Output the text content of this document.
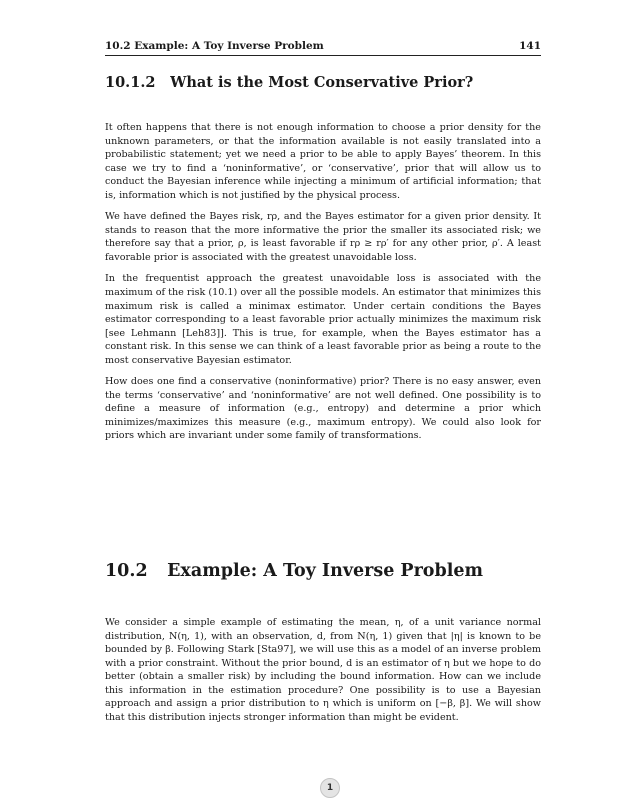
10.2 Example: A Toy Inverse Problem	141
10.1.2 What is the Most Conservative Prior?

It often happens that there is not enough information to choose a prior density for the unknown parameters, or that the information available is not easily translated into a probabilistic statement; yet we need a prior to be able to apply Bayes’ theorem. In this case we try to find a ‘noninformative’, or ‘conservative’, prior that will allow us to conduct the Bayesian inference while injecting a minimum of artificial information; that is, information which is not justified by the physical process.

We have defined the Bayes risk, rρ, and the Bayes estimator for a given prior density. It stands to reason that the more informative the prior the smaller its associated risk; we therefore say that a prior, ρ, is least favorable if rρ ≥ rρ′ for any other prior, ρ′. A least favorable prior is associated with the greatest unavoidable loss.

In the frequentist approach the greatest unavoidable loss is associated with the maximum of the risk (10.1) over all the possible models. An estimator that minimizes this maximum risk is called a minimax estimator. Under certain conditions the Bayes estimator corresponding to a least favorable prior actually minimizes the maximum risk [see Lehmann [Leh83]]. This is true, for example, when the Bayes estimator has a constant risk. In this sense we can think of a least favorable prior as being a route to the most conservative Bayesian estimator.

How does one find a conservative (noninformative) prior? There is no easy answer, even the terms ‘conservative’ and ‘noninformative’ are not well defined. One possibility is to define a measure of information (e.g., entropy) and determine a prior which minimizes/maximizes this measure (e.g., maximum entropy). We could also look for priors which are invariant under some family of transformations.

10.2 Example: A Toy Inverse Problem

We consider a simple example of estimating the mean, η, of a unit variance normal distribution, N(η, 1), with an observation, d, from N(η, 1) given that |η| is known to be bounded by β. Following Stark [Sta97], we will use this as a model of an inverse problem with a prior constraint. Without the prior bound, d is an estimator of η but we hope to do better (obtain a smaller risk) by including the bound information. How can we include this information in the estimation procedure? One possibility is to use a Bayesian approach and assign a prior distribution to η which is uniform on [−β, β]. We will show that this distribution injects stronger information than might be evident.

1
